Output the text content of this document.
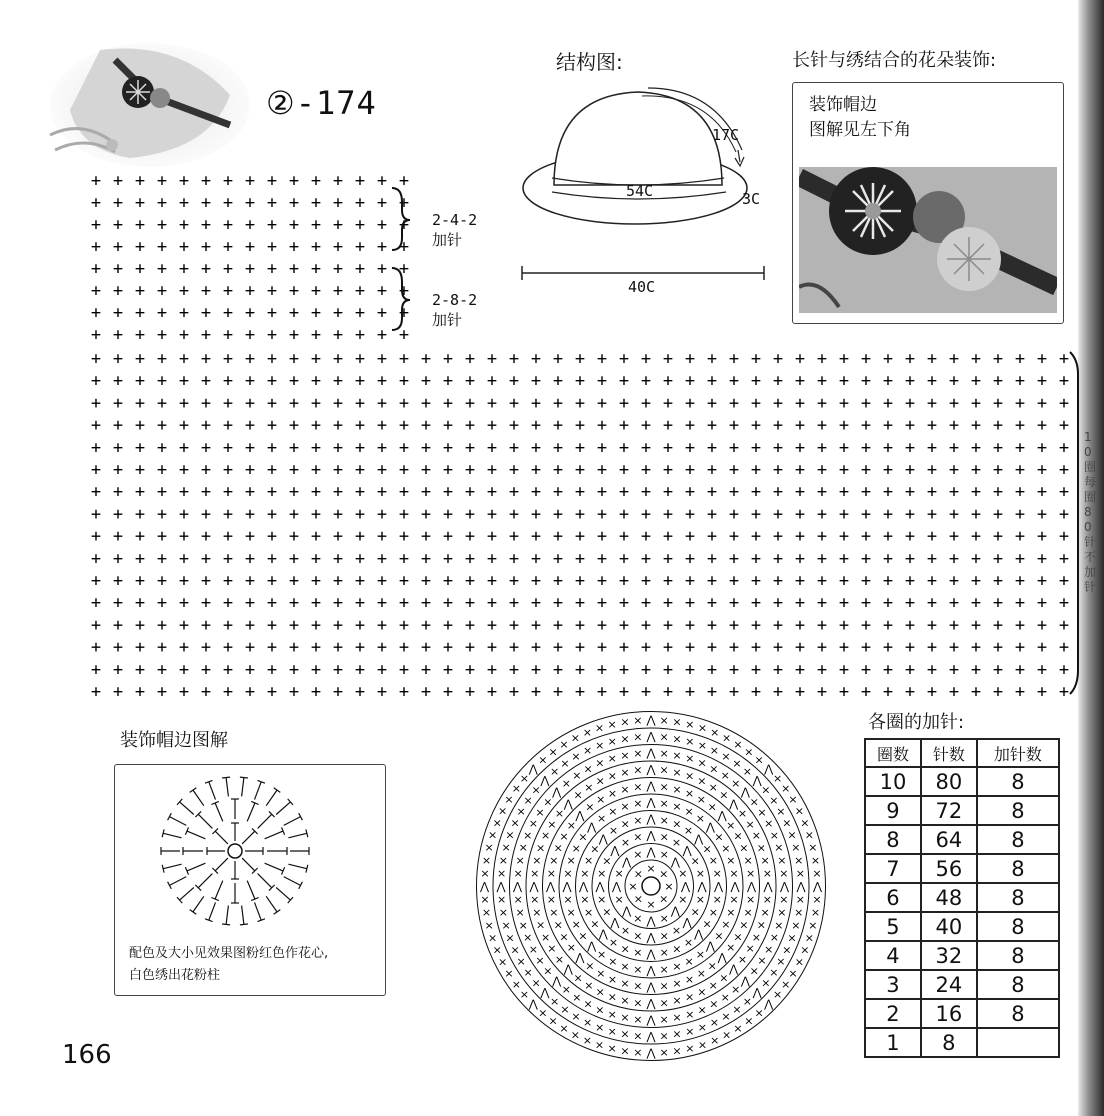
②-174
结构图:
17C
54C	3C
40C
长针与绣结合的花朵装饰:
装饰帽边
图解见左下角
+ + + + + + + + + + + + + + +
+ + + + + + + + + + + + + + +
+ + + + + + + + + + + + + + +
+ + + + + + + + + + + + + + +
+ + + + + + + + + + + + + + +
+ + + + + + + + + + + + + + +
+ + + + + + + + + + + + + + +
+ + + + + + + + + + + + + + +
+ + + + + + + + + + + + + + + + + + + + + + + + + + + + + + + + + + + + + + + + + + + + +
+ + + + + + + + + + + + + + + + + + + + + + + + + + + + + + + + + + + + + + + + + + + + +
+ + + + + + + + + + + + + + + + + + + + + + + + + + + + + + + + + + + + + + + + + + + + +
+ + + + + + + + + + + + + + + + + + + + + + + + + + + + + + + + + + + + + + + + + + + + +
+ + + + + + + + + + + + + + + + + + + + + + + + + + + + + + + + + + + + + + + + + + + + +
+ + + + + + + + + + + + + + + + + + + + + + + + + + + + + + + + + + + + + + + + + + + + +
+ + + + + + + + + + + + + + + + + + + + + + + + + + + + + + + + + + + + + + + + + + + + +
+ + + + + + + + + + + + + + + + + + + + + + + + + + + + + + + + + + + + + + + + + + + + +
+ + + + + + + + + + + + + + + + + + + + + + + + + + + + + + + + + + + + + + + + + + + + +
+ + + + + + + + + + + + + + + + + + + + + + + + + + + + + + + + + + + + + + + + + + + + +
+ + + + + + + + + + + + + + + + + + + + + + + + + + + + + + + + + + + + + + + + + + + + +
+ + + + + + + + + + + + + + + + + + + + + + + + + + + + + + + + + + + + + + + + + + + + +
+ + + + + + + + + + + + + + + + + + + + + + + + + + + + + + + + + + + + + + + + + + + + +
+ + + + + + + + + + + + + + + + + + + + + + + + + + + + + + + + + + + + + + + + + + + + +
+ + + + + + + + + + + + + + + + + + + + + + + + + + + + + + + + + + + + + + + + + + + + +
+ + + + + + + + + + + + + + + + + + + + + + + + + + + + + + + + + + + + + + + + + + + + +
2-4-2
加针
2-8-2
加针
10圈 每圈80针 不加针
装饰帽边图解
配色及大小见效果图粉红色作花心,
白色绣出花粉柱
×
×
×
×
×
× × ×
⋀
×
⋀
×
⋀
×
⋀
×
⋀
×
⋀
× ⋀ ×
⋀
×
⋀
×
×
⋀
×
×
⋀
×
×
⋀
×
×
⋀
×
×
⋀
× × ⋀ × ×
⋀
×
×
⋀
×
×
×
⋀
×
×
×
⋀
×
×
×
⋀
×
×
×
⋀
×
×
×
⋀
× × × ⋀ × × ×
⋀
×
×
×
⋀
×
×
×
×
⋀
×
×
×
×
⋀
×
×
×
×
⋀
×
×
×
×
⋀
×
×
×
×
⋀
×
× × × ⋀ × × ×
×
⋀
×
×
×
×
⋀
×
×
×
×
×
⋀
×
×
×
×
×
⋀
×
×
×
×
×
⋀
×
×
×
×
×
⋀
×
×
×
×
×
⋀
×
× × × × ⋀ × × × ×
×
⋀
×
×
×
×
×
⋀
×
×
×
×
×
×
⋀
×
×
×
×
×
×
⋀
×
×
×
×
×
×
⋀
×
×
×
×
×
×
⋀
×
×
×
×
×
×
⋀
×
× × × × × ⋀ × × × × ×
×
⋀
×
×
×
×
×
×
⋀
×
×
×
×
×
×
×
⋀
×
×
×
×
×
×
×
⋀
×
×
×
×
×
×
×
⋀
×
×
×
×
×
×
×
⋀
×
×
×
×
×
×
×
⋀
×
×
× × × × × ⋀ × × × × ×
×
×
⋀
×
×
×
×
×
×
×
⋀
×
×
×
×
×
×
×
×
⋀
×
×
×
×
×
×
×
×
⋀
×
×
×
×
×
×
×
×
⋀
×
×
×
×
×
×
×
×
⋀
×
×
×
×
×
×
×
×
⋀
×
×
× × × × × × ⋀ × × × × × ×
×
×
⋀
×
×
×
×
×
×
×
×
⋀
×
×
×
×
×
×
×
×
×
⋀
×
×
×
×
×
×
×
×
×
⋀
×
×
×
×
×
×
×
×
×
⋀
×
×
×
×
×
×
×
×
×
⋀
×
×
×
×
×
×
×
×
×
⋀
×
×
× × × × × × × ⋀ × × × × × × ×
×
×
⋀
×
×
×
×
×
×
×
×
×
各圈的加针:
圈数	针数	加针数
10	80	8
9	72	8
8	64	8
7	56	8
6	48	8
5	40	8
4	32	8
3	24	8
2	16	8
1	8	
166
